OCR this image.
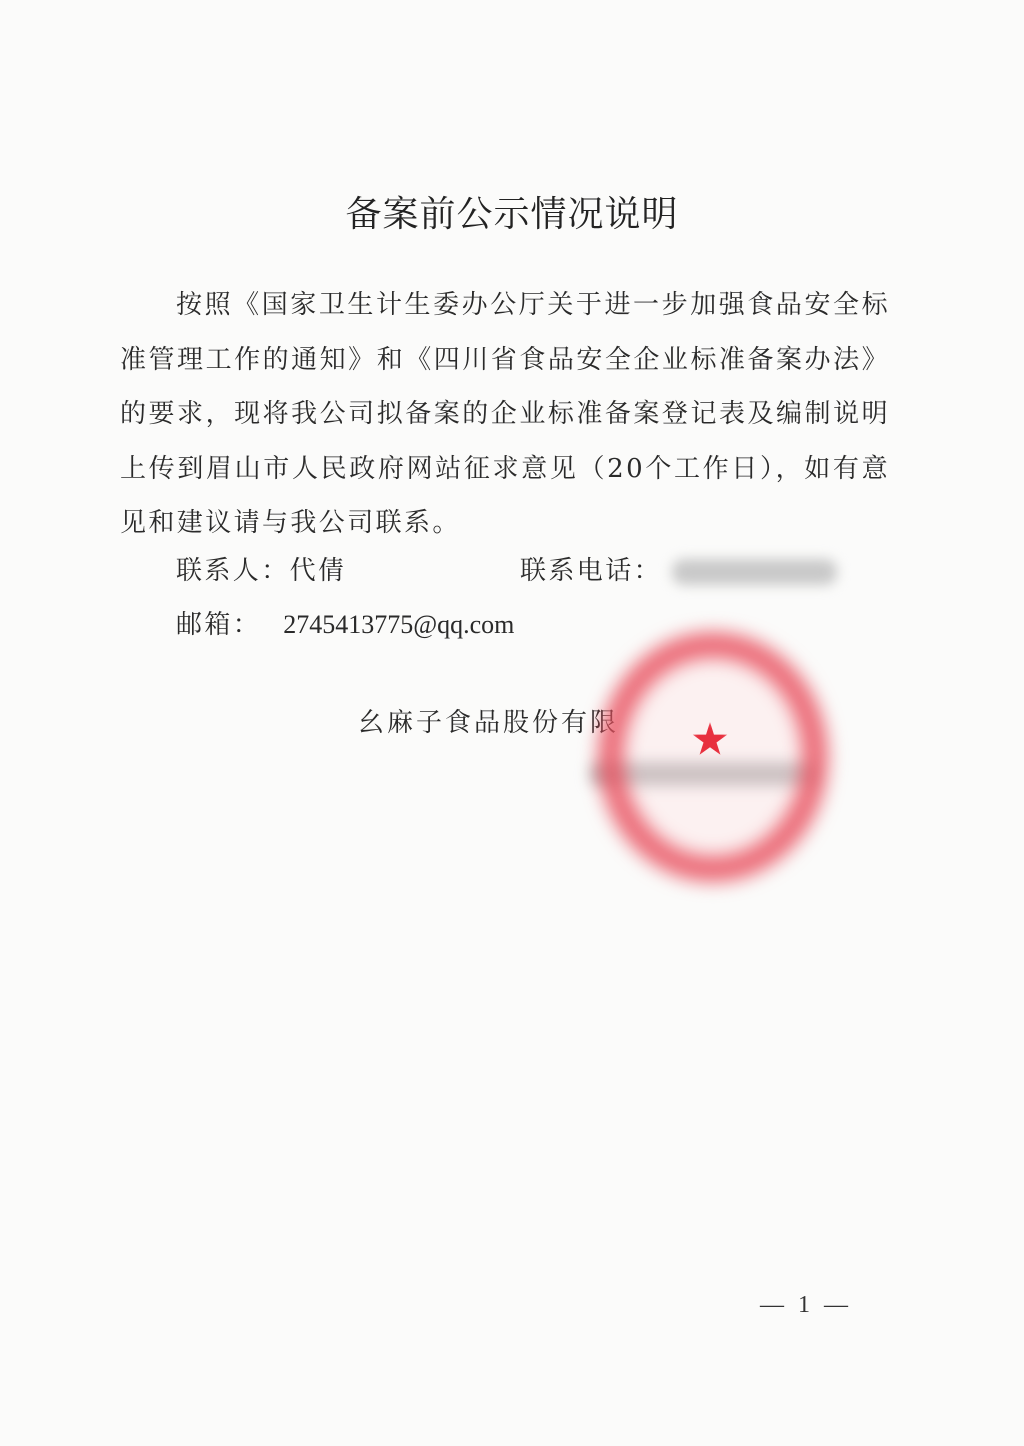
备案前公示情况说明

按照《国家卫生计生委办公厅关于进一步加强食品安全标准管理工作的通知》和《四川省食品安全企业标准备案办法》的要求，现将我公司拟备案的企业标准备案登记表及编制说明上传到眉山市人民政府网站征求意见（20个工作日），如有意见和建议请与我公司联系。

联系人：代倩	联系电话：
邮箱： 2745413775@qq.com
幺麻子食品股份有限
— 1 —
